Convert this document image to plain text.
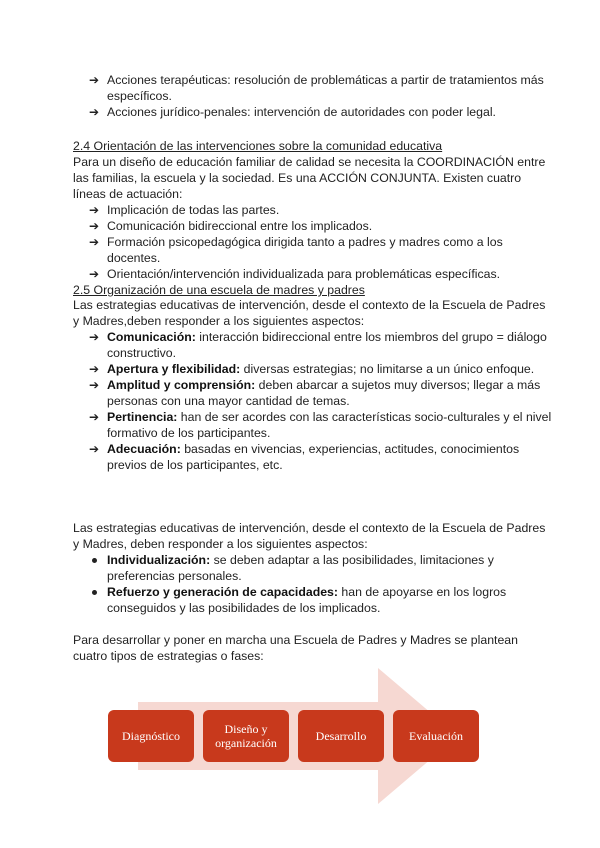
➔ Acciones terapéuticas: resolución de problemáticas a partir de tratamientos más específicos.
➔ Acciones jurídico-penales: intervención de autoridades con poder legal.

2.4 Orientación de las intervenciones sobre la comunidad educativa

Para un diseño de educación familiar de calidad se necesita la COORDINACIÓN entre las familias, la escuela y la sociedad. Es una ACCIÓN CONJUNTA. Existen cuatro líneas de actuación:

➔ Implicación de todas las partes.
➔ Comunicación bidireccional entre los implicados.
➔ Formación psicopedagógica dirigida tanto a padres y madres como a los docentes.
➔ Orientación/intervención individualizada para problemáticas específicas.

2.5 Organización de una escuela de madres y padres

Las estrategias educativas de intervención, desde el contexto de la Escuela de Padres y Madres,deben responder a los siguientes aspectos:

➔ Comunicación: interacción bidireccional entre los miembros del grupo = diálogo constructivo.
➔ Apertura y flexibilidad: diversas estrategias; no limitarse a un único enfoque.
➔ Amplitud y comprensión: deben abarcar a sujetos muy diversos; llegar a más personas con una mayor cantidad de temas.
➔ Pertinencia: han de ser acordes con las características socio-culturales y el nivel formativo de los participantes.
➔ Adecuación: basadas en vivencias, experiencias, actitudes, conocimientos previos de los participantes, etc.

Las estrategias educativas de intervención, desde el contexto de la Escuela de Padres y Madres, deben responder a los siguientes aspectos:

Individualización: se deben adaptar a las posibilidades, limitaciones y preferencias personales.
Refuerzo y generación de capacidades: han de apoyarse en los logros conseguidos y las posibilidades de los implicados.

Para desarrollar y poner en marcha una Escuela de Padres y Madres se plantean cuatro tipos de estrategias o fases:

Diagnóstico	Diseño y organización	Desarrollo	Evaluación
